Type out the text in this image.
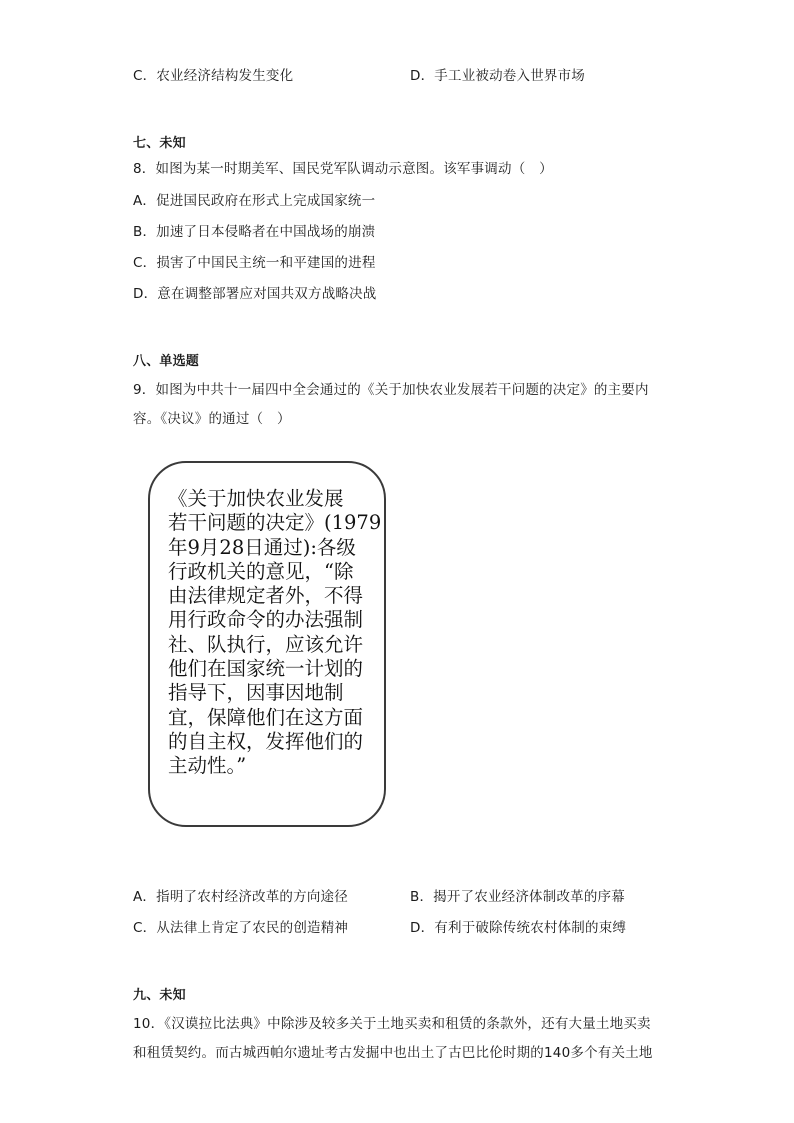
C．农业经济结构发生变化	D．手工业被动卷入世界市场
七、未知
8．如图为某一时期美军、国民党军队调动示意图。该军事调动（　）
A．促进国民政府在形式上完成国家统一
B．加速了日本侵略者在中国战场的崩溃
C．损害了中国民主统一和平建国的进程
D．意在调整部署应对国共双方战略决战
八、单选题
9．如图为中共十一届四中全会通过的《关于加快农业发展若干问题的决定》的主要内
容。《决议》的通过（　）
《关于加快农业发展
若干问题的决定》(1979
年9月28日通过):各级
行政机关的意见，“除
由法律规定者外，不得
用行政命令的办法强制
社、队执行，应该允许
他们在国家统一计划的
指导下，因事因地制
宜，保障他们在这方面
的自主权，发挥他们的
主动性。”
A．指明了农村经济改革的方向途径	B．揭开了农业经济体制改革的序幕
C．从法律上肯定了农民的创造精神	D．有利于破除传统农村体制的束缚
九、未知
10．《汉谟拉比法典》中除涉及较多关于土地买卖和租赁的条款外，还有大量土地买卖
和租赁契约。而古城西帕尔遗址考古发掘中也出土了古巴比伦时期的140多个有关土地
